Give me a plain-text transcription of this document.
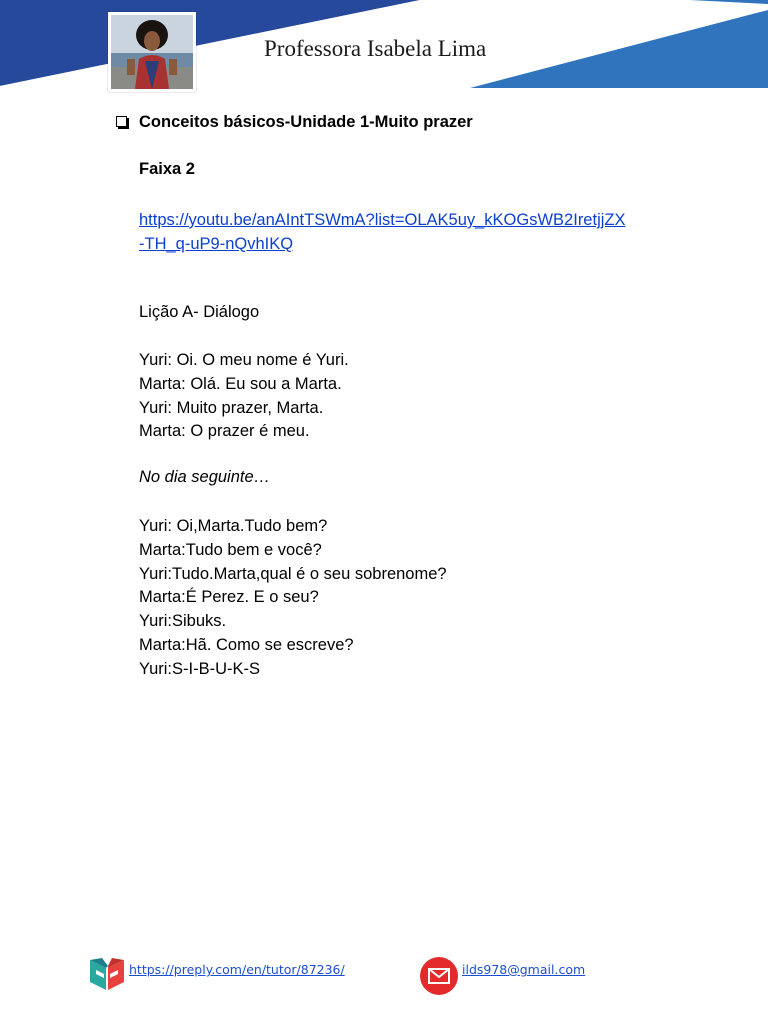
Professora Isabela Lima
Conceitos básicos-Unidade 1-Muito prazer
Faixa 2
https://youtu.be/anAIntTSWmA?list=OLAK5uy_kKOGsWB2IretjjZX
-TH_q-uP9-nQvhIKQ
Lição A- Diálogo
Yuri: Oi. O meu nome é Yuri.
Marta: Olá. Eu sou a Marta.
Yuri: Muito prazer, Marta.
Marta: O prazer é meu.
No dia seguinte…
Yuri: Oi,Marta.Tudo bem?
Marta:Tudo bem e você?
Yuri:Tudo.Marta,qual é o seu sobrenome?
Marta:É Perez. E o seu?
Yuri:Sibuks.
Marta:Hã. Como se escreve?
Yuri:S-I-B-U-K-S
https://preply.com/en/tutor/87236/	ilds978@gmail.com
